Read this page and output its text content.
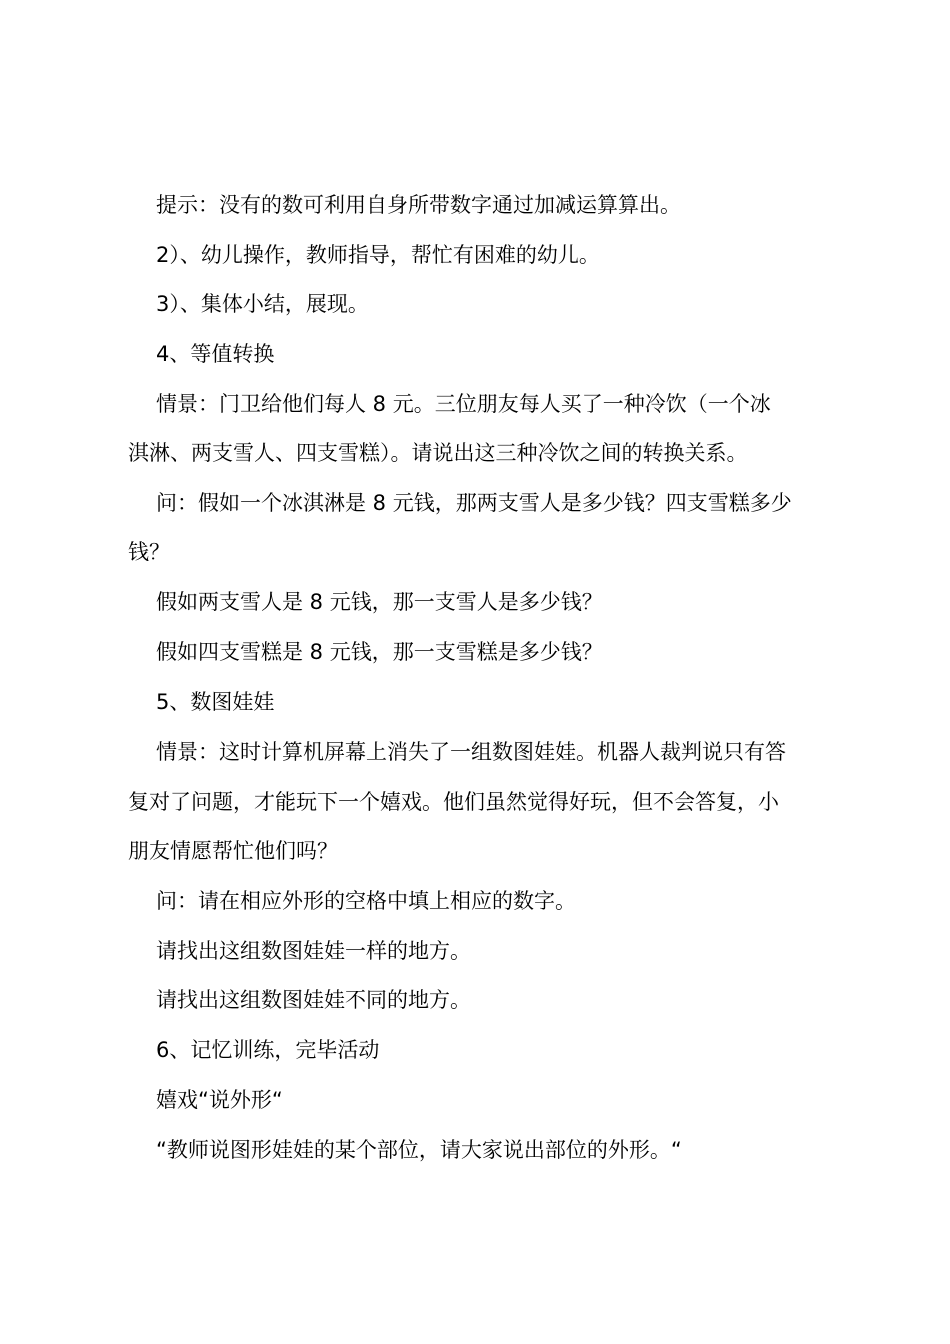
提示：没有的数可利用自身所带数字通过加减运算算出。
2）、幼儿操作，教师指导，帮忙有困难的幼儿。
3）、集体小结，展现。
4、等值转换
情景：门卫给他们每人 8 元。三位朋友每人买了一种冷饮（一个冰
淇淋、两支雪人、四支雪糕）。请说出这三种冷饮之间的转换关系。
问：假如一个冰淇淋是 8 元钱，那两支雪人是多少钱？四支雪糕多少
钱？
假如两支雪人是 8 元钱，那一支雪人是多少钱？
假如四支雪糕是 8 元钱，那一支雪糕是多少钱？
5、数图娃娃
情景：这时计算机屏幕上消失了一组数图娃娃。机器人裁判说只有答
复对了问题，才能玩下一个嬉戏。他们虽然觉得好玩，但不会答复，小
朋友情愿帮忙他们吗？
问：请在相应外形的空格中填上相应的数字。
请找出这组数图娃娃一样的地方。
请找出这组数图娃娃不同的地方。
6、记忆训练，完毕活动
嬉戏“说外形“
“教师说图形娃娃的某个部位，请大家说出部位的外形。“
